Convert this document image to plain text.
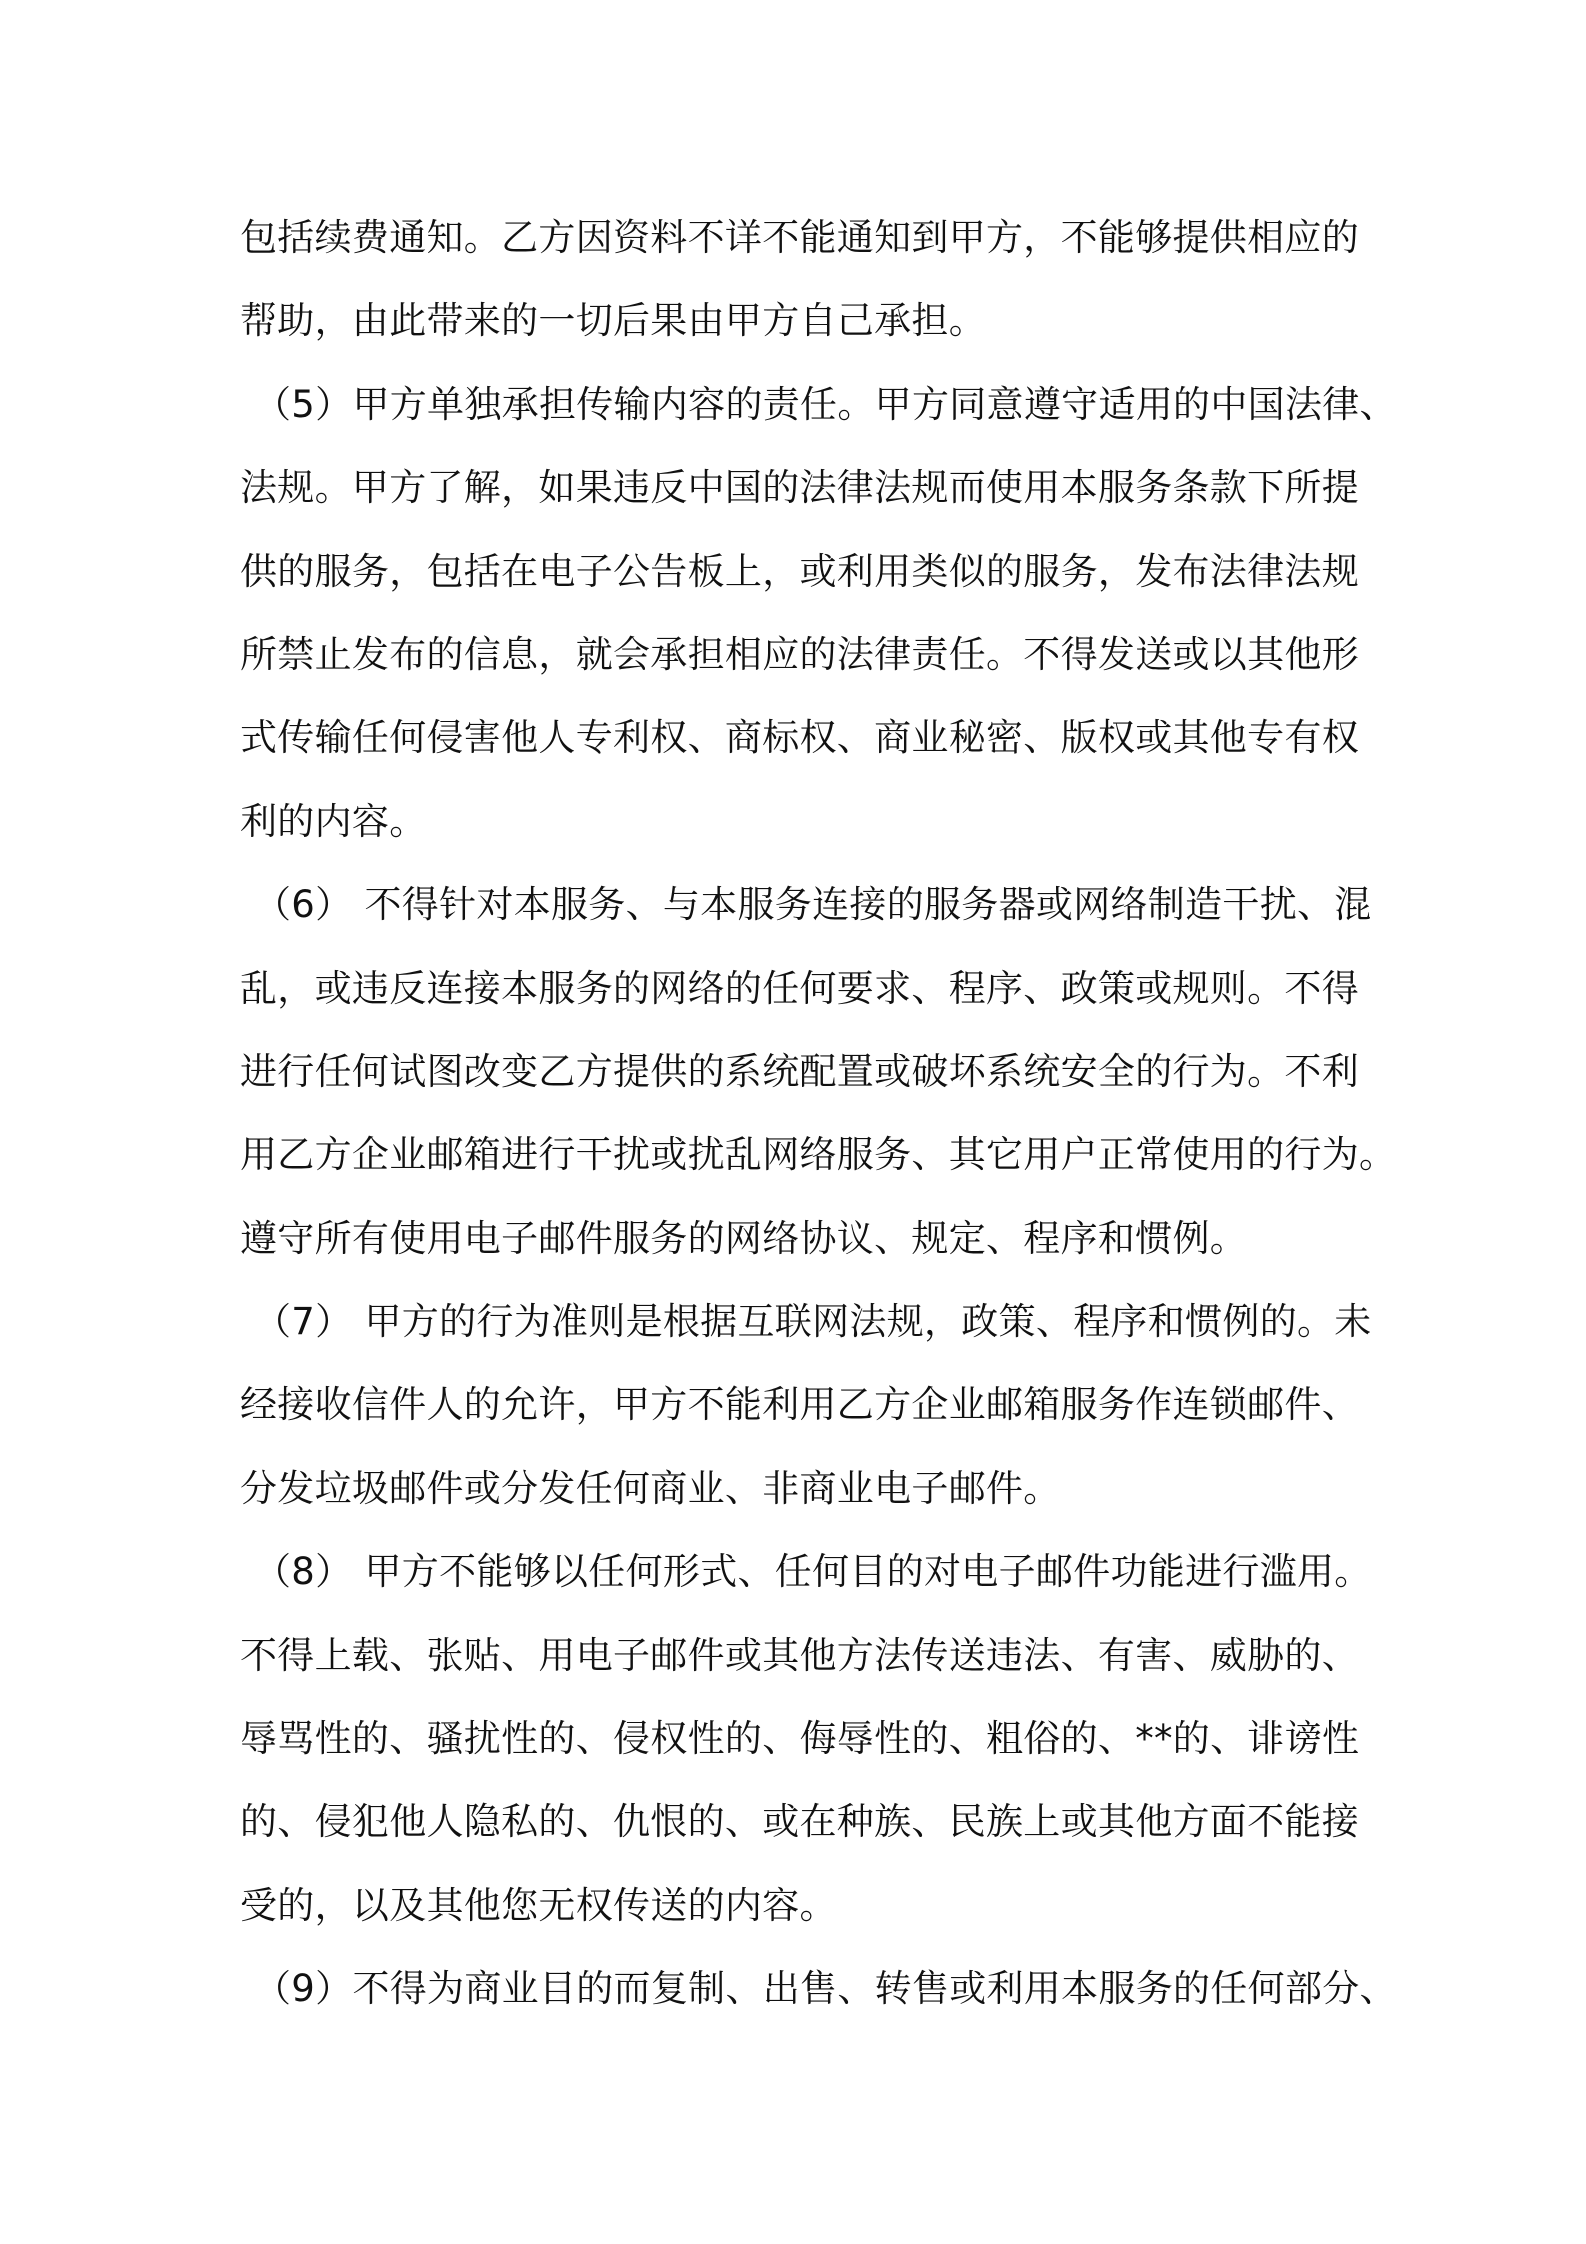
包括续费通知。乙方因资料不详不能通知到甲方，不能够提供相应的
帮助，由此带来的一切后果由甲方自己承担。
（5）甲方单独承担传输内容的责任。甲方同意遵守适用的中国法律、
法规。甲方了解，如果违反中国的法律法规而使用本服务条款下所提
供的服务，包括在电子公告板上，或利用类似的服务，发布法律法规
所禁止发布的信息，就会承担相应的法律责任。不得发送或以其他形
式传输任何侵害他人专利权、商标权、商业秘密、版权或其他专有权
利的内容。
（6） 不得针对本服务、与本服务连接的服务器或网络制造干扰、混
乱，或违反连接本服务的网络的任何要求、程序、政策或规则。不得
进行任何试图改变乙方提供的系统配置或破坏系统安全的行为。不利
用乙方企业邮箱进行干扰或扰乱网络服务、其它用户正常使用的行为。
遵守所有使用电子邮件服务的网络协议、规定、程序和惯例。
（7） 甲方的行为准则是根据互联网法规，政策、程序和惯例的。未
经接收信件人的允许，甲方不能利用乙方企业邮箱服务作连锁邮件、
分发垃圾邮件或分发任何商业、非商业电子邮件。
（8） 甲方不能够以任何形式、任何目的对电子邮件功能进行滥用。
不得上载、张贴、用电子邮件或其他方法传送违法、有害、威胁的、
辱骂性的、骚扰性的、侵权性的、侮辱性的、粗俗的、**的、诽谤性
的、侵犯他人隐私的、仇恨的、或在种族、民族上或其他方面不能接
受的，以及其他您无权传送的内容。
（9）不得为商业目的而复制、出售、转售或利用本服务的任何部分、
